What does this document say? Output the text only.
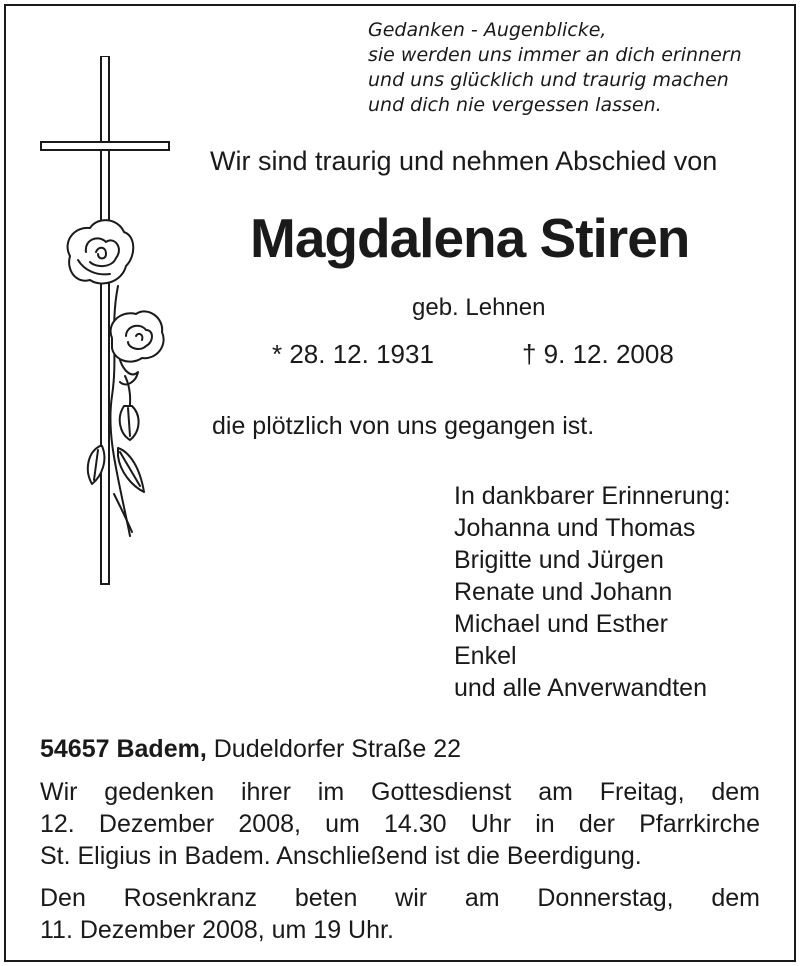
Gedanken - Augenblicke,
sie werden uns immer an dich erinnern
und uns glücklich und traurig machen
und dich nie vergessen lassen.
Wir sind traurig und nehmen Abschied von
Magdalena Stiren
geb. Lehnen
* 28. 12. 1931	† 9. 12. 2008
die plötzlich von uns gegangen ist.
In dankbarer Erinnerung:
Johanna und Thomas
Brigitte und Jürgen
Renate und Johann
Michael und Esther
Enkel
und alle Anverwandten
54657 Badem, Dudeldorfer Straße 22
Wir gedenken ihrer im Gottesdienst am Freitag, dem
12. Dezember 2008, um 14.30 Uhr in der Pfarrkirche
St. Eligius in Badem. Anschließend ist die Beerdigung.
Den Rosenkranz beten wir am Donnerstag, dem
11. Dezember 2008, um 19 Uhr.
